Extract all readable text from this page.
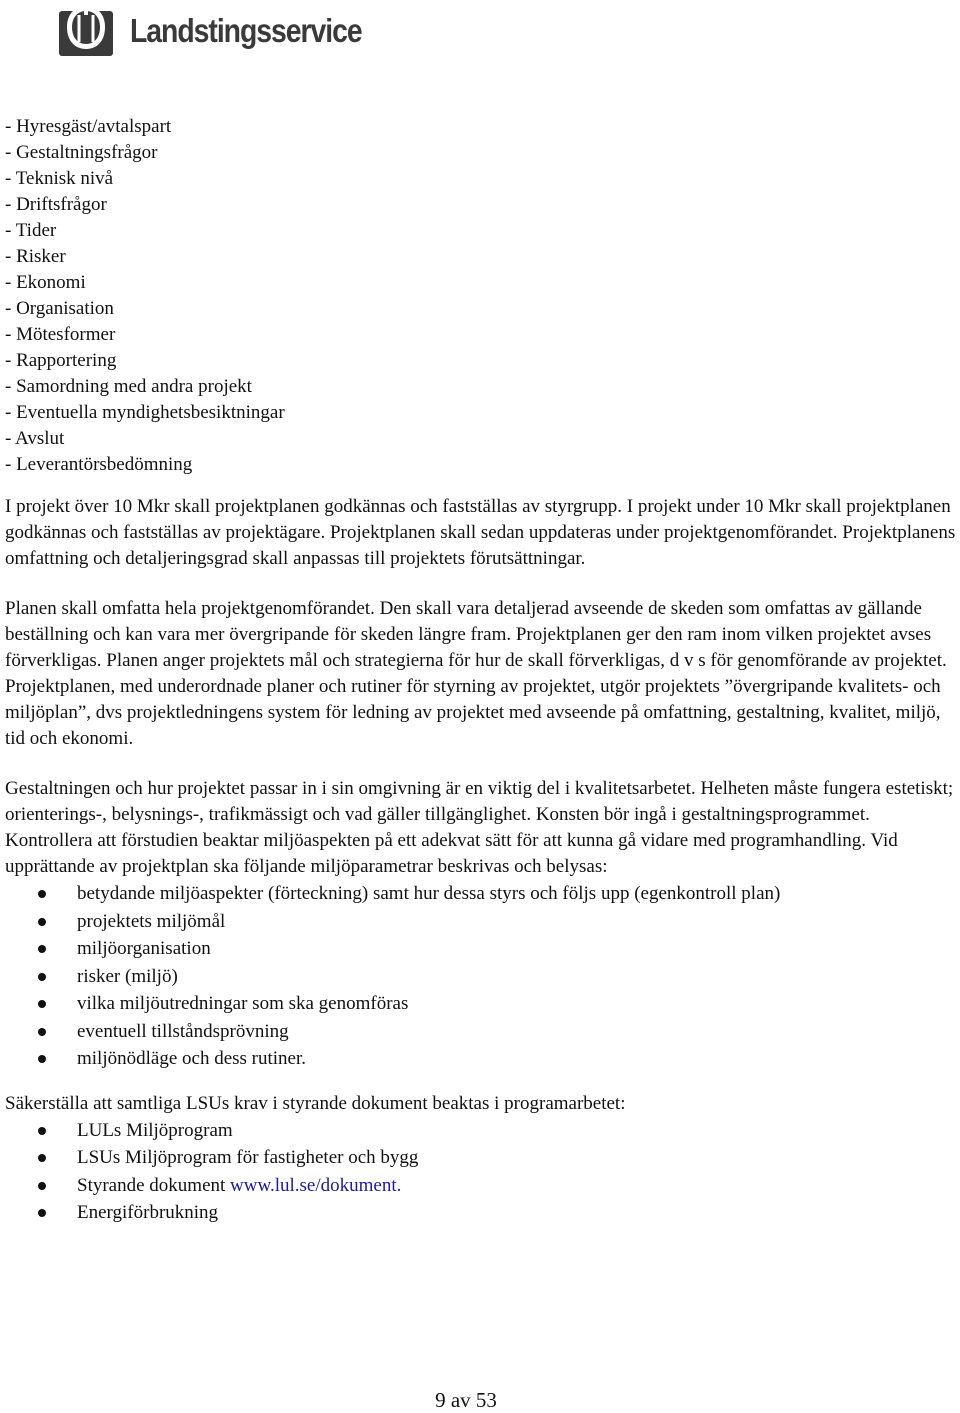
Landstingsservice
- Hyresgäst/avtalspart
- Gestaltningsfrågor
- Teknisk nivå
- Driftsfrågor
- Tider
- Risker
- Ekonomi
- Organisation
- Mötesformer
- Rapportering
- Samordning med andra projekt
- Eventuella myndighetsbesiktningar
- Avslut
- Leverantörsbedömning

I projekt över 10 Mkr skall projektplanen godkännas och fastställas av styrgrupp. I projekt under 10 Mkr skall projektplanen godkännas och fastställas av projektägare. Projektplanen skall sedan uppdateras under projektgenomförandet. Projektplanens omfattning och detaljeringsgrad skall anpassas till projektets förutsättningar.

Planen skall omfatta hela projektgenomförandet. Den skall vara detaljerad avseende de skeden som omfattas av gällande beställning och kan vara mer övergripande för skeden längre fram. Projektplanen ger den ram inom vilken projektet avses förverkligas. Planen anger projektets mål och strategierna för hur de skall förverkligas, d v s för genomförande av projektet. Projektplanen, med underordnade planer och rutiner för styrning av projektet, utgör projektets ”övergripande kvalitets- och miljöplan”, dvs projektledningens system för ledning av projektet med avseende på omfattning, gestaltning, kvalitet, miljö, tid och ekonomi.

Gestaltningen och hur projektet passar in i sin omgivning är en viktig del i kvalitetsarbetet. Helheten måste fungera estetiskt; orienterings-, belysnings-, trafikmässigt och vad gäller tillgänglighet. Konsten bör ingå i gestaltningsprogrammet.

Kontrollera att förstudien beaktar miljöaspekten på ett adekvat sätt för att kunna gå vidare med programhandling. Vid upprättande av projektplan ska följande miljöparametrar beskrivas och belysas:

betydande miljöaspekter (förteckning) samt hur dessa styrs och följs upp (egenkontroll plan)
projektets miljömål
miljöorganisation
risker (miljö)
vilka miljöutredningar som ska genomföras
eventuell tillståndsprövning
miljönödläge och dess rutiner.

Säkerställa att samtliga LSUs krav i styrande dokument beaktas i programarbetet:

LULs Miljöprogram
LSUs Miljöprogram för fastigheter och bygg
Styrande dokument www.lul.se/dokument.
Energiförbrukning
9 av 53
